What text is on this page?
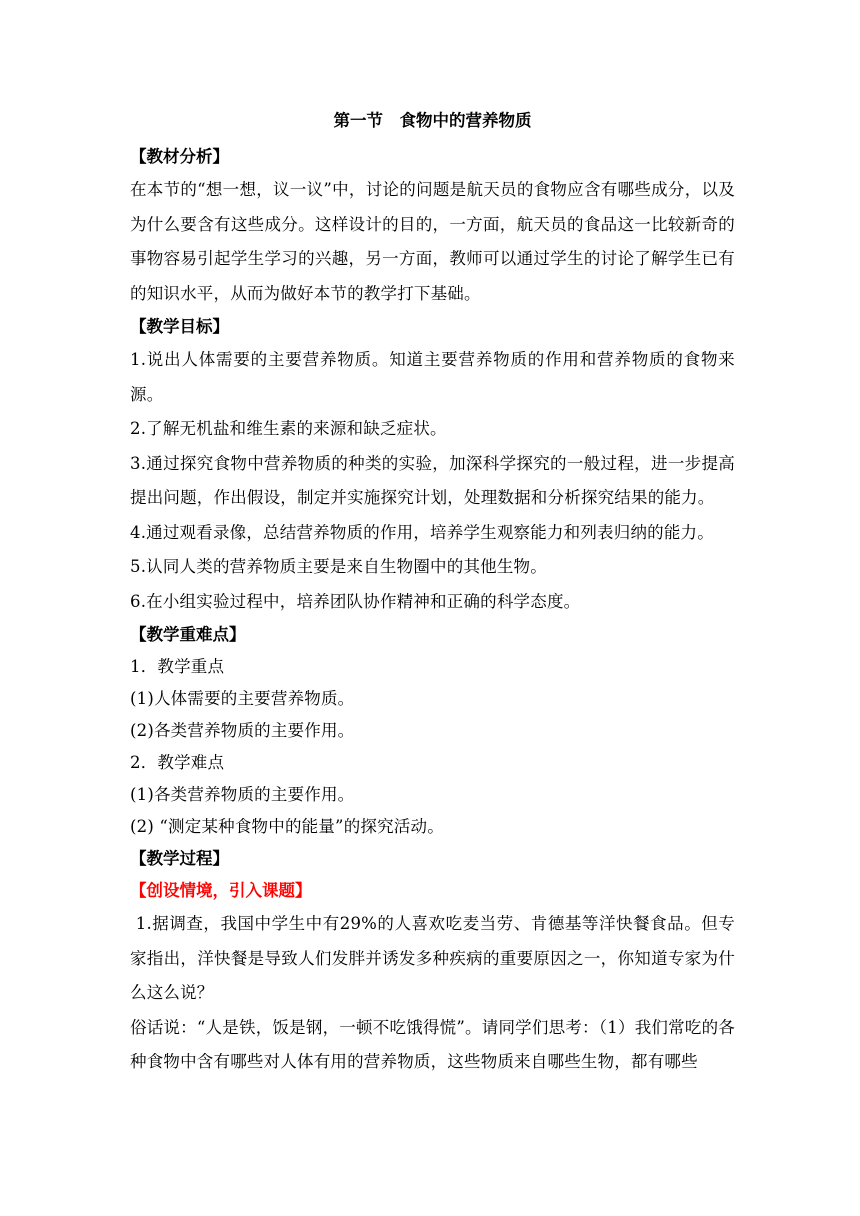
第一节　食物中的营养物质
【教材分析】
在本节的“想一想，议一议”中，讨论的问题是航天员的食物应含有哪些成分，以及为什么要含有这些成分。这样设计的目的，一方面，航天员的食品这一比较新奇的事物容易引起学生学习的兴趣，另一方面，教师可以通过学生的讨论了解学生已有的知识水平，从而为做好本节的教学打下基础。
【教学目标】
1.说出人体需要的主要营养物质。知道主要营养物质的作用和营养物质的食物来源。
2.了解无机盐和维生素的来源和缺乏症状。
3.通过探究食物中营养物质的种类的实验，加深科学探究的一般过程，进一步提高提出问题，作出假设，制定并实施探究计划，处理数据和分析探究结果的能力。
4.通过观看录像，总结营养物质的作用，培养学生观察能力和列表归纳的能力。
5.认同人类的营养物质主要是来自生物圈中的其他生物。
6.在小组实验过程中，培养团队协作精神和正确的科学态度。
【教学重难点】
1．教学重点
(1)人体需要的主要营养物质。
(2)各类营养物质的主要作用。
2．教学难点
(1)各类营养物质的主要作用。
(2) “测定某种食物中的能量”的探究活动。
【教学过程】
【创设情境，引入课题】
1.据调查，我国中学生中有29%的人喜欢吃麦当劳、肯德基等洋快餐食品。但专家指出，洋快餐是导致人们发胖并诱发多种疾病的重要原因之一，你知道专家为什么这么说？
俗话说：“人是铁，饭是钢，一顿不吃饿得慌”。请同学们思考：（1）我们常吃的各种食物中含有哪些对人体有用的营养物质，这些物质来自哪些生物，都有哪些
